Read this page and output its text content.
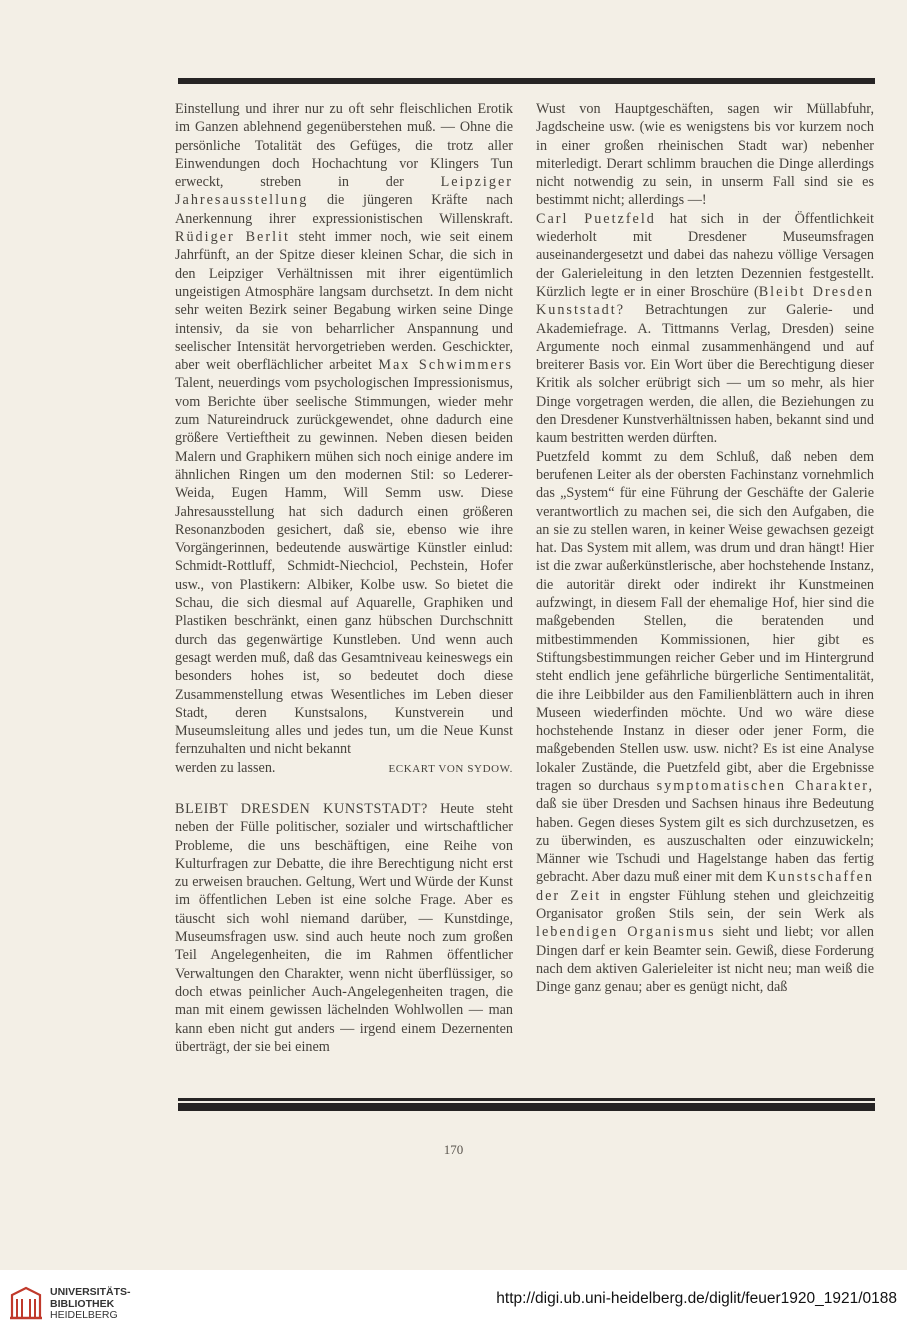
Einstellung und ihrer nur zu oft sehr fleischlichen Erotik im Ganzen ablehnend gegenüberstehen muß. — Ohne die persönliche Totalität des Gefüges, die trotz aller Einwendungen doch Hochachtung vor Klingers Tun erweckt, streben in der	Leipziger Jahresausstellung die jüngeren Kräfte nach Anerkennung ihrer expressionistischen Willenskraft. Rüdiger Berlit steht immer noch, wie seit einem Jahrfünft, an der Spitze dieser kleinen Schar, die sich in den Leipziger Verhältnissen mit ihrer eigentümlich ungeistigen Atmosphäre langsam durchsetzt. In dem nicht sehr weiten Bezirk seiner Begabung wirken seine Dinge intensiv, da sie von beharrlicher Anspannung und seelischer Intensität hervorgetrieben werden. Geschickter, aber weit oberflächlicher arbeitet Max Schwimmers Talent, neuerdings vom psychologischen Impressionismus, vom Berichte über seelische Stimmungen, wieder mehr zum Natureindruck zurückgewendet, ohne dadurch eine größere Vertieftheit zu gewinnen. Neben diesen beiden Malern und Graphikern mühen sich noch einige andere im ähnlichen Ringen um den modernen Stil: so Lederer-Weida, Eugen Hamm, Will Semm usw. Diese Jahresausstellung hat sich dadurch einen größeren Resonanzboden gesichert, daß sie, ebenso wie ihre Vorgängerinnen, bedeutende auswärtige Künstler einlud: Schmidt-Rottluff, Schmidt-Niechciol, Pechstein, Hofer usw., von Plastikern: Albiker, Kolbe usw. So bietet die Schau, die sich diesmal auf Aquarelle, Graphiken und Plastiken beschränkt, einen ganz hübschen Durchschnitt durch das gegenwärtige Kunstleben. Und wenn auch gesagt werden muß, daß das Gesamtniveau keineswegs ein besonders hohes ist, so bedeutet doch diese Zusammenstellung etwas Wesentliches im Leben dieser Stadt, deren Kunstsalons, Kunstverein und Museumsleitung alles und jedes tun, um die Neue Kunst fernzuhalten und nicht bekannt

werden zu lassen.	ECKART VON SYDOW.

BLEIBT DRESDEN KUNSTSTADT? Heute steht neben der Fülle politischer, sozialer und wirtschaftlicher Probleme, die uns beschäftigen, eine Reihe von Kulturfragen zur Debatte, die ihre Berechtigung nicht erst zu erweisen brauchen. Geltung, Wert und Würde der Kunst im öffentlichen Leben ist eine solche Frage. Aber es täuscht sich wohl niemand darüber, — Kunstdinge, Museumsfragen usw. sind auch heute noch zum großen Teil Angelegenheiten, die im Rahmen öffentlicher Verwaltungen den Charakter, wenn nicht überflüssiger, so doch etwas peinlicher Auch-Angelegenheiten tragen, die man mit einem gewissen lächelnden Wohlwollen — man kann eben nicht gut anders — irgend einem Dezernenten überträgt, der sie bei einem

Wust von Hauptgeschäften, sagen wir Müllabfuhr, Jagdscheine usw. (wie es wenigstens bis vor kurzem noch in einer großen rheinischen Stadt war) nebenher miterledigt. Derart schlimm brauchen die Dinge allerdings nicht notwendig zu sein, in unserm Fall sind sie es bestimmt nicht; allerdings —!

Carl Puetzfeld hat sich in der Öffentlichkeit wiederholt mit Dresdener Museumsfragen auseinandergesetzt und dabei das nahezu völlige Versagen der Galerieleitung in den letzten Dezennien festgestellt. Kürzlich legte er in einer Broschüre (Bleibt Dresden Kunststadt? Betrachtungen zur Galerie- und Akademiefrage. A. Tittmanns Verlag, Dresden) seine Argumente noch einmal zusammenhängend und auf breiterer Basis vor. Ein Wort über die Berechtigung dieser Kritik als solcher erübrigt sich — um so mehr, als hier Dinge vorgetragen werden, die allen, die Beziehungen zu den Dresdener Kunstverhältnissen haben, bekannt sind und kaum bestritten werden dürften.

Puetzfeld kommt zu dem Schluß, daß neben dem berufenen Leiter als der obersten Fachinstanz vornehmlich das „System“ für eine Führung der Geschäfte der Galerie verantwortlich zu machen sei, die sich den Aufgaben, die an sie zu stellen waren, in keiner Weise gewachsen gezeigt hat. Das System mit allem, was drum und dran hängt! Hier ist die zwar außerkünstlerische, aber hochstehende Instanz, die autoritär direkt oder indirekt ihr Kunstmeinen aufzwingt, in diesem Fall der ehemalige Hof, hier sind die maßgebenden Stellen, die beratenden und mitbestimmenden Kommissionen, hier gibt es Stiftungsbestimmungen reicher Geber und im Hintergrund steht endlich jene gefährliche bürgerliche Sentimentalität, die ihre Leibbilder aus den Familienblättern auch in ihren Museen wiederfinden möchte. Und wo wäre diese hochstehende Instanz in dieser oder jener Form, die maßgebenden Stellen usw. usw. nicht? Es ist eine Analyse lokaler Zustände, die Puetzfeld gibt, aber die Ergebnisse tragen so durchaus symptomatischen Charakter, daß sie über Dresden und Sachsen hinaus ihre Bedeutung haben. Gegen dieses System gilt es sich durchzusetzen, es zu überwinden, es auszuschalten oder einzuwickeln; Männer wie Tschudi und Hagelstange haben das fertig gebracht. Aber dazu muß einer mit dem Kunstschaffen der Zeit in engster Fühlung stehen und gleichzeitig Organisator großen Stils sein, der sein Werk als lebendigen Organismus sieht und liebt; vor allen Dingen darf er kein Beamter sein. Gewiß, diese Forderung nach dem aktiven Galerieleiter ist nicht neu; man weiß die Dinge ganz genau; aber es genügt nicht, daß

170
UNIVERSITÄTS-
BIBLIOTHEK
HEIDELBERG
http://digi.ub.uni-heidelberg.de/diglit/feuer1920_1921/0188
